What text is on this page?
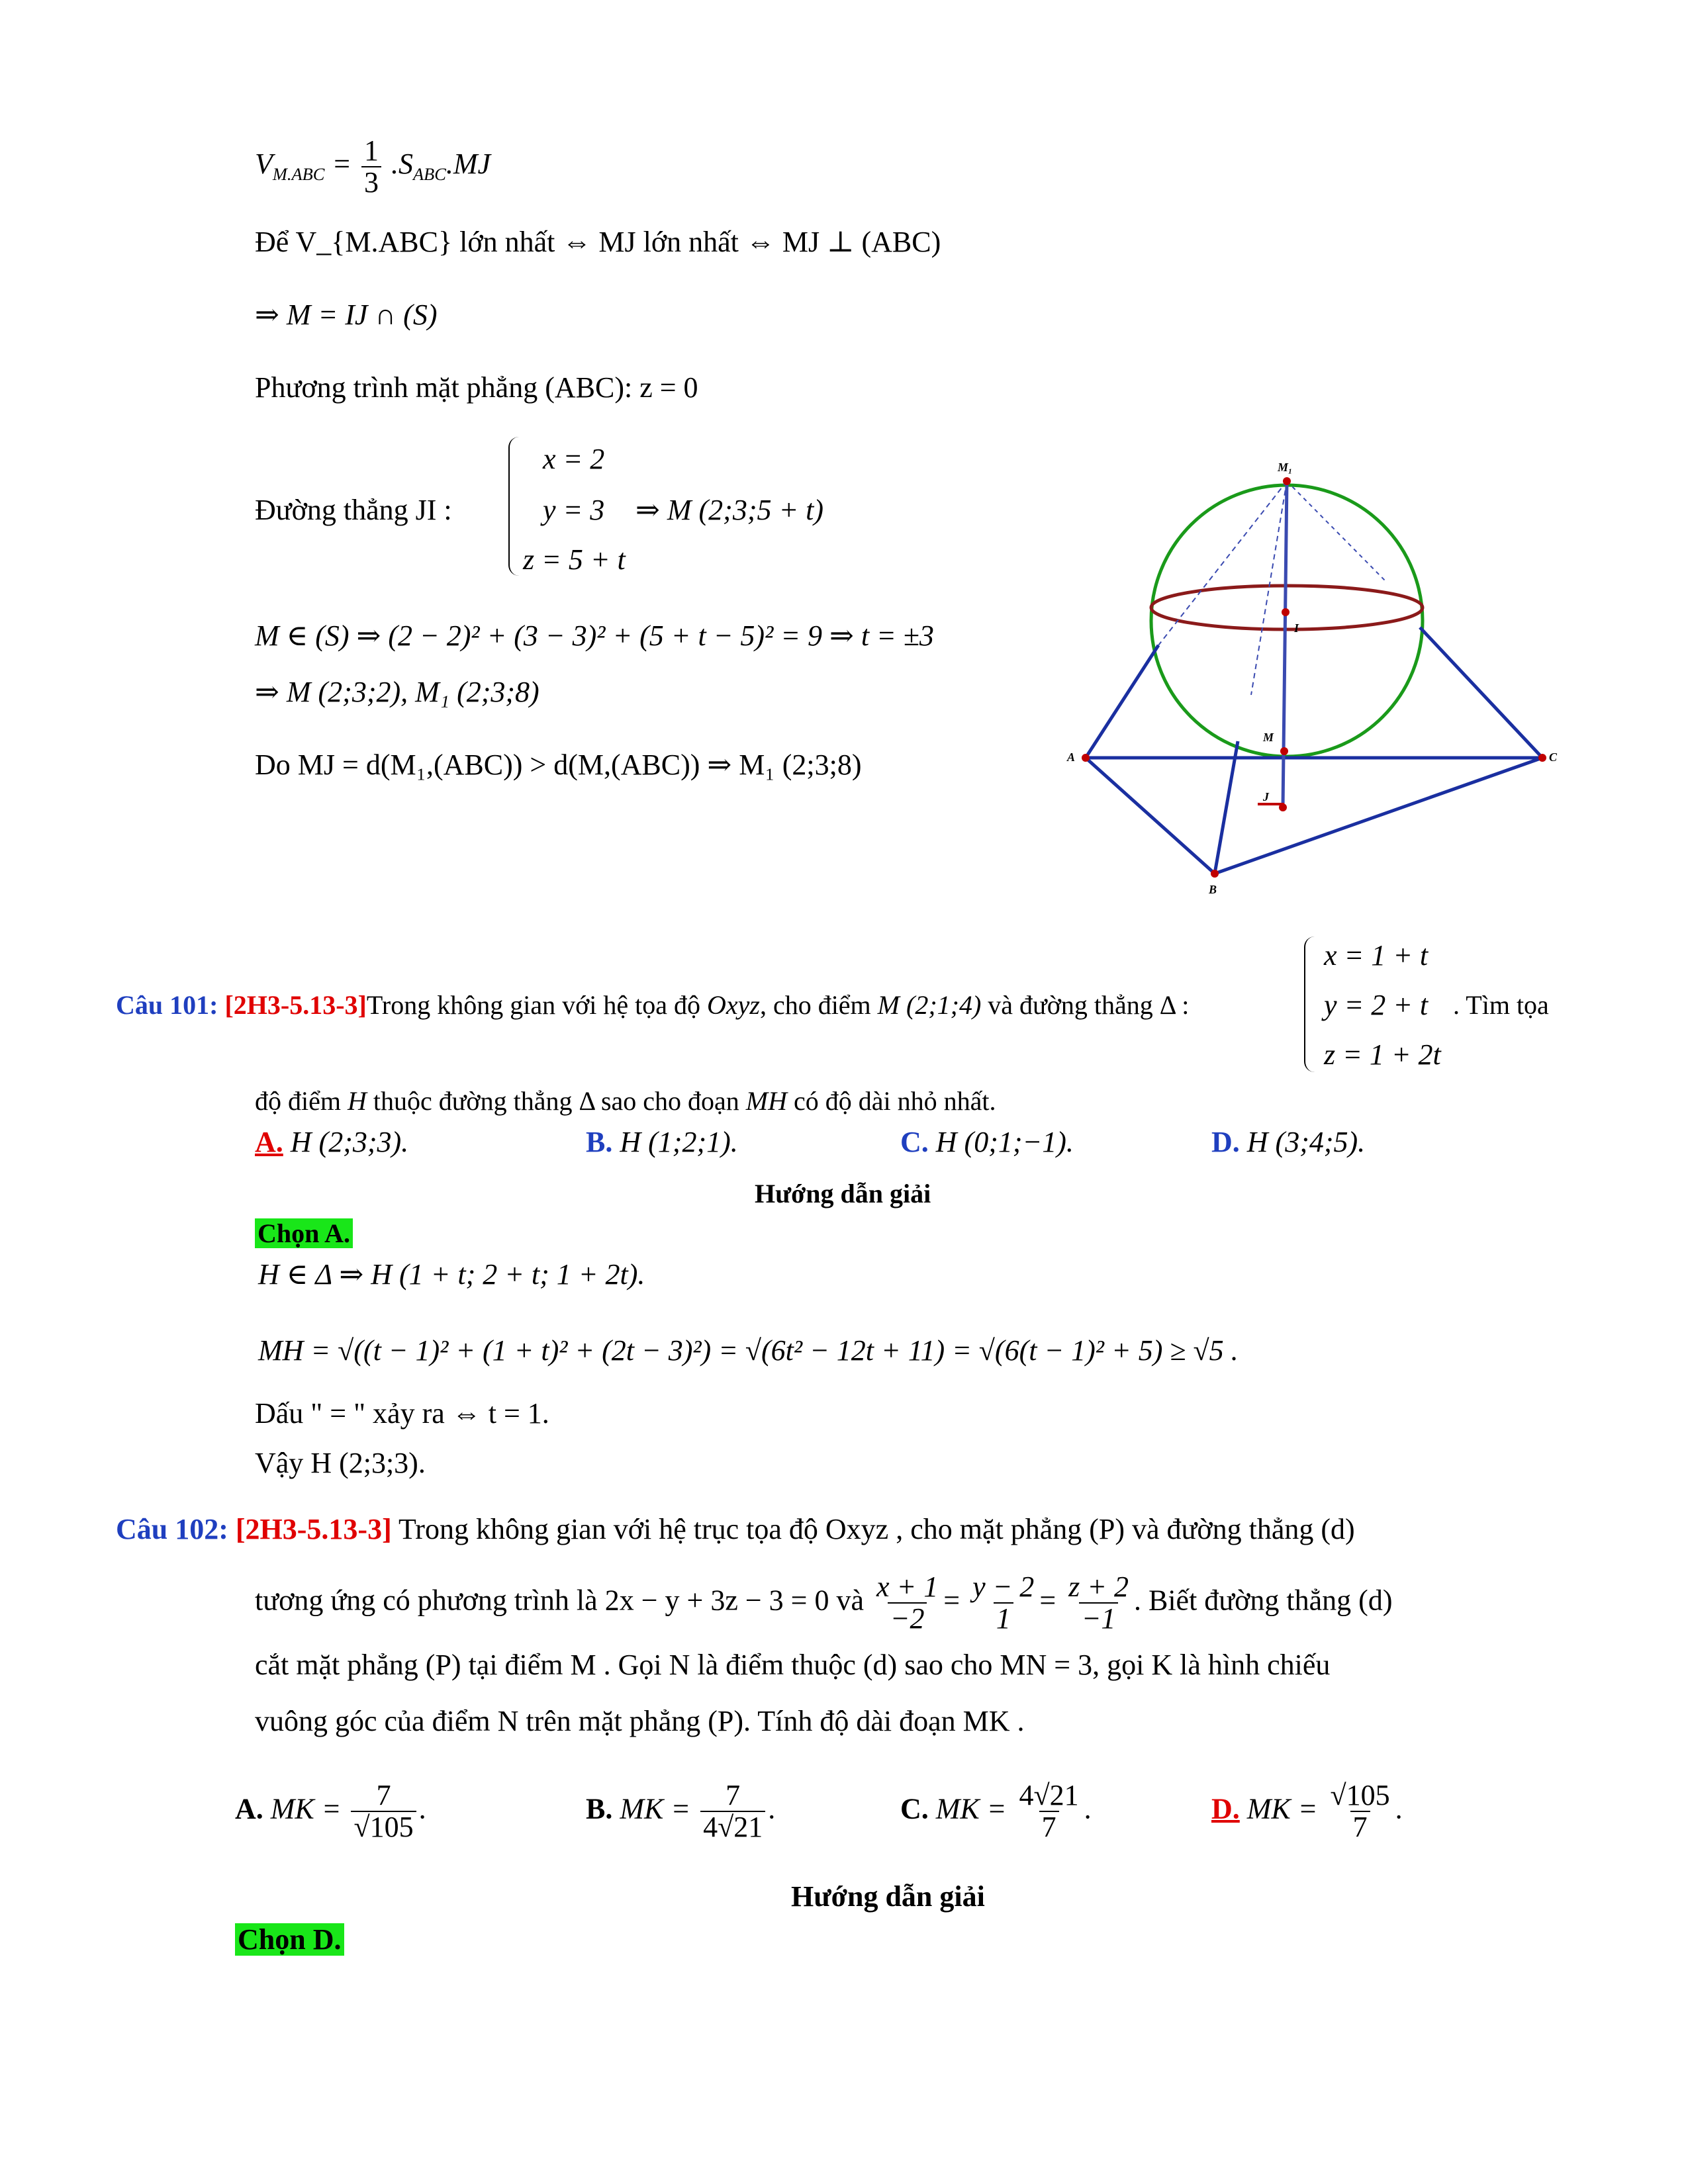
$V_{M.ABC} = \frac{1}{3} .S_{ABC}.MJ$
Để V_{M.ABC} lớn nhất ⇔ MJ lớn nhất ⇔ MJ ⊥ (ABC)
⇒ M = IJ ∩ (S)
Phương trình mặt phẳng (ABC): z = 0
Đường thẳng JI :
x = 2
y = 3
z = 5 + t
⇒ M (2;3;5 + t)
M ∈ (S) ⇒ (2 − 2)² + (3 − 3)² + (5 + t − 5)² = 9 ⇒ t = ±3
⇒ M (2;3;2), M₁ (2;3;8)
Do MJ = d(M₁,(ABC)) > d(M,(ABC)) ⇒ M₁ (2;3;8)
M₁
I
M
J
A	C
B
Câu 101: [2H3-5.13-3]Trong không gian với hệ tọa độ Oxyz, cho điểm M (2;1;4) và đường thẳng Δ :
x = 1 + t
y = 2 + t
z = 1 + 2t
. Tìm tọa
độ điểm H thuộc đường thẳng Δ sao cho đoạn MH có độ dài nhỏ nhất.
A. H (2;3;3).	B. H (1;2;1).	C. H (0;1;−1).	D. H (3;4;5).
Hướng dẫn giải
Chọn A.
H ∈ Δ ⇒ H (1 + t; 2 + t; 1 + 2t).
MH = √((t − 1)² + (1 + t)² + (2t − 3)²) = √(6t² − 12t + 11) = √(6(t − 1)² + 5) ≥ √5 .
Dấu " = " xảy ra ⇔ t = 1.
Vậy H (2;3;3).
Câu 102: [2H3-5.13-3] Trong không gian với hệ trục tọa độ Oxyz , cho mặt phẳng (P) và đường thẳng (d)
tương ứng có phương trình là 2x − y + 3z − 3 = 0 và $\frac{x + 1}{-2} = \frac{y - 2}{1} = \frac{z + 2}{-1}$ . Biết đường thẳng (d)
cắt mặt phẳng (P) tại điểm M . Gọi N là điểm thuộc (d) sao cho MN = 3, gọi K là hình chiếu
vuông góc của điểm N trên mặt phẳng (P). Tính độ dài đoạn MK .
A. MK = $\frac{7}{√105}$ .	B. MK = $\frac{7}{4√21}$ .	C. MK = $\frac{4√21}{7}$ .	D. MK = $\frac{√105}{7}$ .
Hướng dẫn giải
Chọn D.
